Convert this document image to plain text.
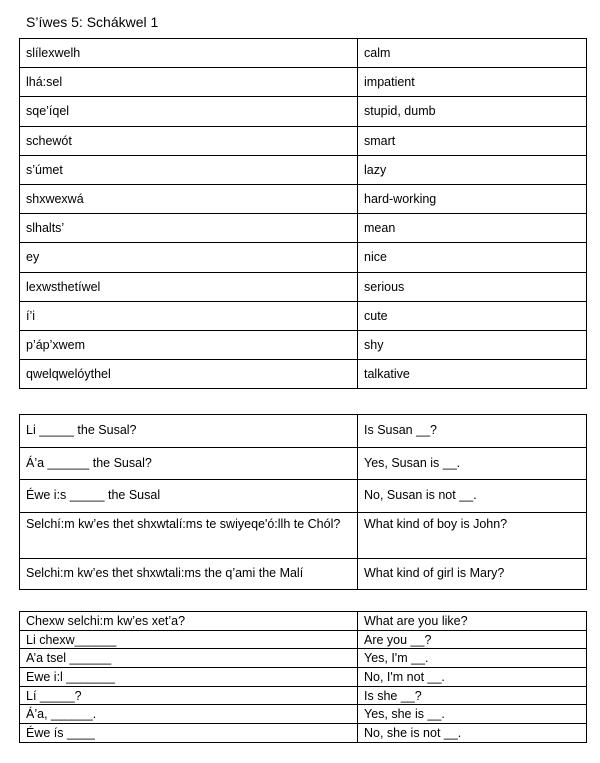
S’íwes 5: Schákwel 1
slílexwelh	calm
lhá:sel	impatient
sqe’íqel	stupid, dumb
schewót	smart
s’úmet	lazy
shxwexwá	hard-working
slhalts’	mean
ey	nice
lexwsthetíwel	serious
í’i	cute
p’áp’xwem	shy
qwelqwelóythel	talkative
Li _____ the Susal?	Is Susan __?
Á’a ______ the Susal?	Yes, Susan is __.
Éwe i:s _____ the Susal	No, Susan is not __.
Selchí:m kw’es thet shxwtalí:ms te swiyeqe'ó:llh te Chól?	What kind of boy is John?
Selchi:m kw’es thet shxwtali:ms the q’ami the Malí	What kind of girl is Mary?
Chexw selchi:m kw’es xet’a?	What are you like?
Li chexw______	Are you __?
A’a tsel ______	Yes, I'm __.
Ewe i:l _______	No, I'm not __.
Lí _____?	Is she __?
Á’a, ______.	Yes, she is __.
Éwe ís ____	No, she is not __.
